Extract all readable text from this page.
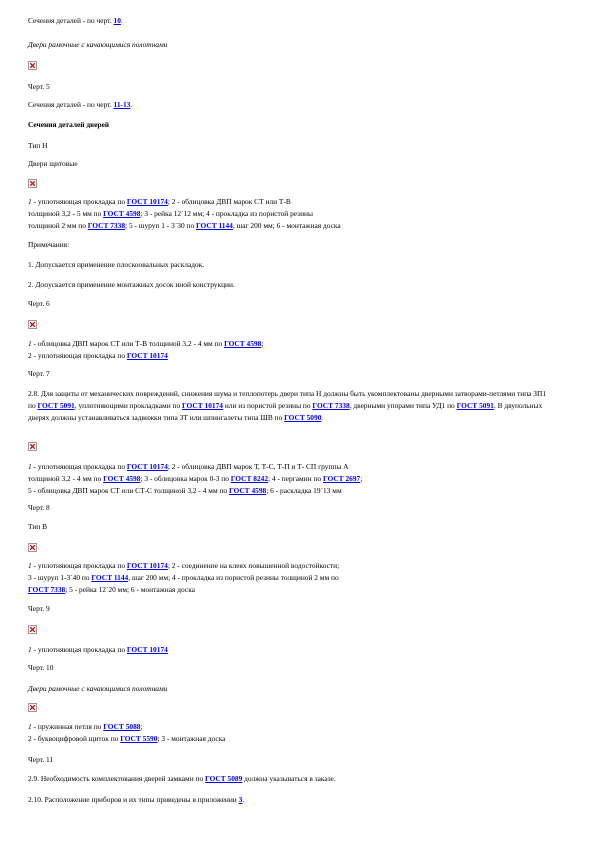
Сечения деталей - по черт. 10.
Двери рамочные с качающимися полотнами
Черт. 5
Сечения деталей - по черт. 11-13.
Сечения деталей дверей
Тип Н
Двери щитовые
1 - уплотняющая прокладка по ГОСТ 10174; 2 - облицовка ДВП марок СТ или Т-В
толщиной 3,2 - 5 мм по ГОСТ 4598; 3 - рейка 12´12 мм; 4 - прокладка из пористой резины
толщиной 2 мм по ГОСТ 7338; 5 - шуруп 1 - 3´30 по ГОСТ 1144, шаг 200 мм; 6 - монтажная доска
Примечания:
1. Допускается применение плоскоовальных раскладок.
2. Допускается применение монтажных досок иной конструкции.
Черт. 6
1 - облицовка ДВП марок СТ или Т-В толщиной 3,2 - 4 мм по ГОСТ 4598;
2 - уплотняющая прокладка по ГОСТ 10174
Черт. 7
2.8. Для защиты от механических повреждений, снижения шума и теплопотерь двери типа Н должны быть укомплектованы дверными затворами-петлями типа ЗП1 по ГОСТ 5091, уплотняющими прокладками по ГОСТ 10174 или из пористой резины по ГОСТ 7338, дверными упорами типа УД1 по ГОСТ 5091. В двупольных дверях должны устанавливаться задвижки типа ЗТ или шпингалеты типа ШВ по ГОСТ 5090.
1 - уплотняющая прокладка по ГОСТ 10174; 2 - облицовка ДВП марок Т, Т-С, Т-П и Т- СП группы А
толщиной 3,2 - 4 мм по ГОСТ 4598; 3 - облицовка марок 0-3 по ГОСТ 8242; 4 - пергамин по ГОСТ 2697;
5 - облицовка ДВП марок СТ или СТ-С толщиной 3,2 - 4 мм по ГОСТ 4598; 6 - раскладка 19´13 мм
Черт. 8
Тип В
1 - уплотняющая прокладка по ГОСТ 10174; 2 - соединение на клеях повышенной водостойкости;
3 - шуруп 1-3´40 по ГОСТ 1144, шаг 200 мм; 4 - прокладка из пористой резины толщиной 2 мм по
ГОСТ 7338; 5 - рейка 12´20 мм; 6 - монтажная доска
Черт. 9
1 - уплотняющая прокладка по ГОСТ 10174
Черт. 10
Двери рамочные с качающимися полотнами
1 - пружинная петля по ГОСТ 5088;
2 - буквоцифровой щиток по ГОСТ 5590; 3 - монтажная доска
Черт. 11
2.9. Необходимость комплектования дверей замками по ГОСТ 5089 должна указываться в заказе.
2.10. Расположение приборов и их типы приведены в приложении 3.
